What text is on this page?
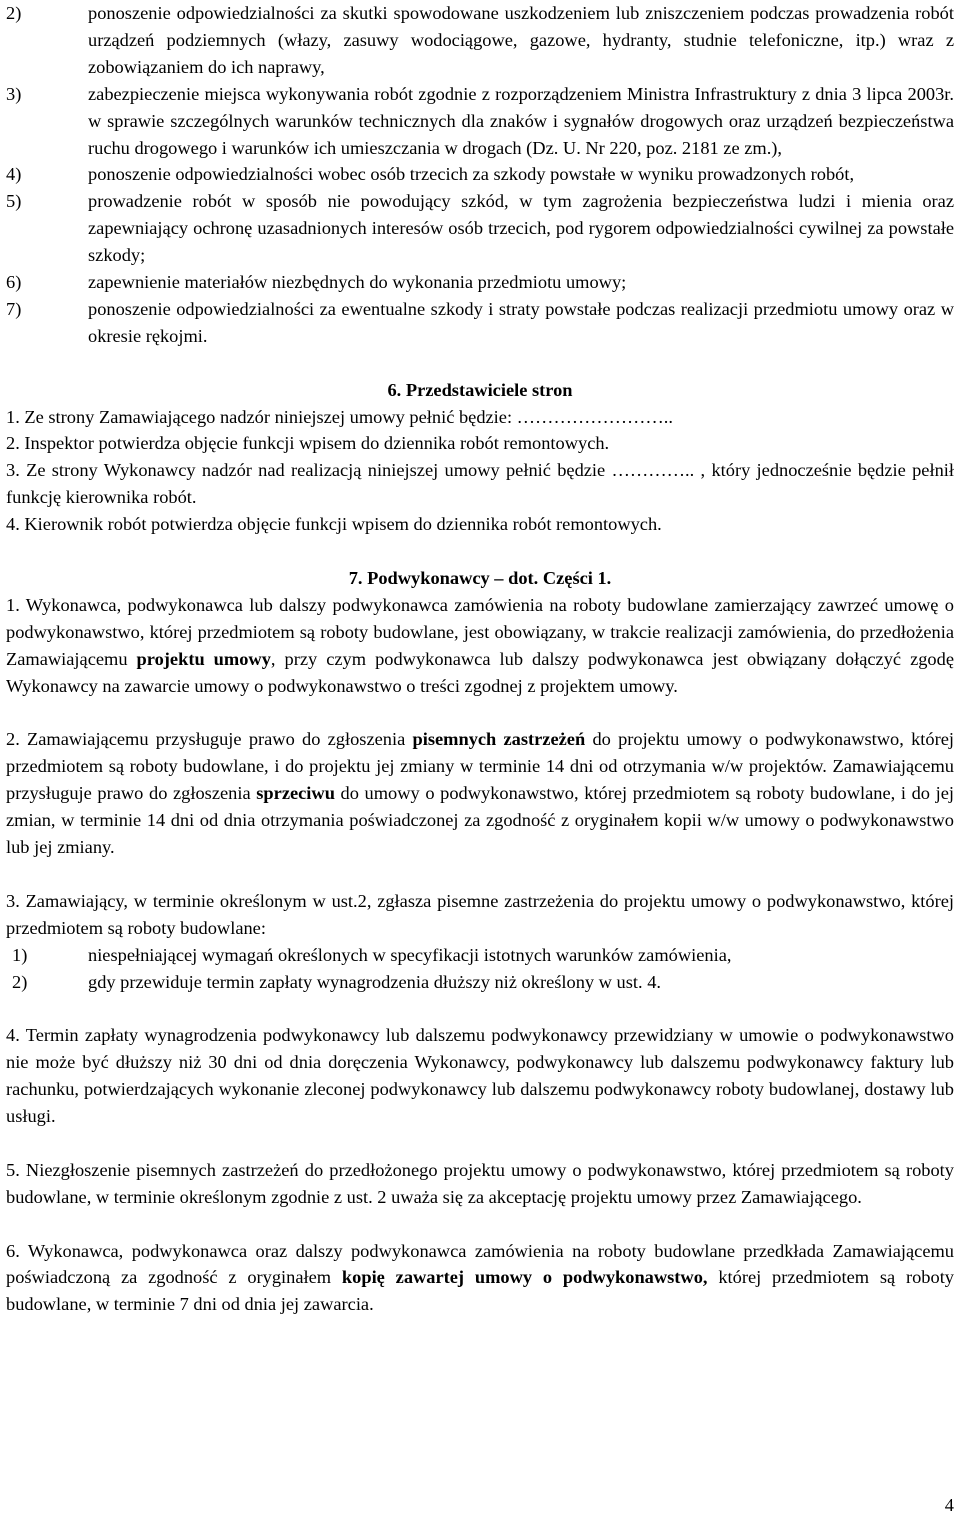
2)	ponoszenie odpowiedzialności za skutki spowodowane uszkodzeniem lub zniszczeniem podczas prowadzenia robót urządzeń podziemnych (włazy, zasuwy wodociągowe, gazowe, hydranty, studnie telefoniczne, itp.) wraz z zobowiązaniem do ich naprawy,
3)	zabezpieczenie miejsca wykonywania robót zgodnie z rozporządzeniem Ministra Infrastruktury z dnia 3 lipca 2003r. w sprawie szczególnych warunków technicznych dla znaków i sygnałów drogowych oraz urządzeń bezpieczeństwa ruchu drogowego i warunków ich umieszczania w drogach (Dz. U. Nr 220, poz. 2181 ze zm.),
4)	ponoszenie odpowiedzialności wobec osób trzecich za szkody powstałe w wyniku prowadzonych robót,
5)	prowadzenie robót w sposób nie powodujący szkód, w tym zagrożenia bezpieczeństwa ludzi i mienia oraz zapewniający ochronę uzasadnionych interesów osób trzecich, pod rygorem odpowiedzialności cywilnej za powstałe szkody;
6)	zapewnienie materiałów niezbędnych do wykonania przedmiotu umowy;
7)	ponoszenie odpowiedzialności za ewentualne szkody i straty powstałe podczas realizacji przedmiotu umowy oraz w okresie rękojmi.

6. Przedstawiciele stron

1. Ze strony Zamawiającego nadzór niniejszej umowy pełnić będzie: ……………………..

2. Inspektor potwierdza objęcie funkcji wpisem do dziennika robót remontowych.

3. Ze strony Wykonawcy nadzór nad realizacją niniejszej umowy pełnić będzie ………….. , który jednocześnie będzie pełnił funkcję kierownika robót.

4. Kierownik robót potwierdza objęcie funkcji wpisem do dziennika robót remontowych.

7. Podwykonawcy – dot. Części 1.

1. Wykonawca, podwykonawca lub dalszy podwykonawca zamówienia na roboty budowlane zamierzający zawrzeć umowę o podwykonawstwo, której przedmiotem są roboty budowlane, jest obowiązany, w trakcie realizacji zamówienia, do przedłożenia Zamawiającemu projektu umowy, przy czym podwykonawca lub dalszy podwykonawca jest obwiązany dołączyć zgodę Wykonawcy na zawarcie umowy o podwykonawstwo o treści zgodnej z projektem umowy.

2. Zamawiającemu przysługuje prawo do zgłoszenia pisemnych zastrzeżeń do projektu umowy o podwykonawstwo, której przedmiotem są roboty budowlane, i do projektu jej zmiany w terminie 14 dni od otrzymania w/w projektów. Zamawiającemu przysługuje prawo do zgłoszenia sprzeciwu do umowy o podwykonawstwo, której przedmiotem są roboty budowlane, i do jej zmian, w terminie 14 dni od dnia otrzymania poświadczonej za zgodność z oryginałem kopii w/w umowy o podwykonawstwo lub jej zmiany.

3. Zamawiający, w terminie określonym w ust.2, zgłasza pisemne zastrzeżenia do projektu umowy o podwykonawstwo, której przedmiotem są roboty budowlane:

1)	niespełniającej wymagań określonych w specyfikacji istotnych warunków zamówienia,
2)	gdy przewiduje termin zapłaty wynagrodzenia dłuższy niż określony w ust. 4.

4. Termin zapłaty wynagrodzenia podwykonawcy lub dalszemu podwykonawcy przewidziany w umowie o podwykonawstwo nie może być dłuższy niż 30 dni od dnia doręczenia Wykonawcy, podwykonawcy lub dalszemu podwykonawcy faktury lub rachunku, potwierdzających wykonanie zleconej podwykonawcy lub dalszemu podwykonawcy roboty budowlanej, dostawy lub usługi.

5. Niezgłoszenie pisemnych zastrzeżeń do przedłożonego projektu umowy o podwykonawstwo, której przedmiotem są roboty budowlane, w terminie określonym zgodnie z ust. 2 uważa się za akceptację projektu umowy przez Zamawiającego.

6. Wykonawca, podwykonawca oraz dalszy podwykonawca zamówienia na roboty budowlane przedkłada Zamawiającemu poświadczoną za zgodność z oryginałem kopię zawartej umowy o podwykonawstwo, której przedmiotem są roboty budowlane, w terminie 7 dni od dnia jej zawarcia.

4
